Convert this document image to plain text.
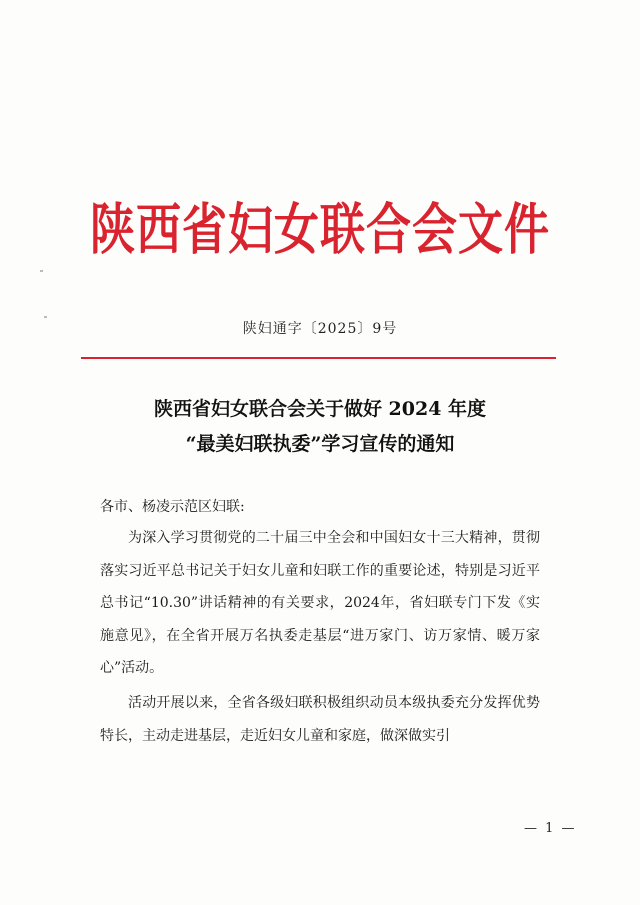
陕西省妇女联合会文件
陕妇通字〔2025〕9号
陕西省妇女联合会关于做好 2024 年度
“最美妇联执委”学习宣传的通知
各市、杨凌示范区妇联:
为深入学习贯彻党的二十届三中全会和中国妇女十三大精神，贯彻落实习近平总书记关于妇女儿童和妇联工作的重要论述，特别是习近平总书记“10.30”讲话精神的有关要求，2024年，省妇联专门下发《实施意见》，在全省开展万名执委走基层“进万家门、访万家情、暖万家心”活动。
活动开展以来，全省各级妇联积极组织动员本级执委充分发挥优势特长，主动走进基层，走近妇女儿童和家庭，做深做实引
— 1 —
